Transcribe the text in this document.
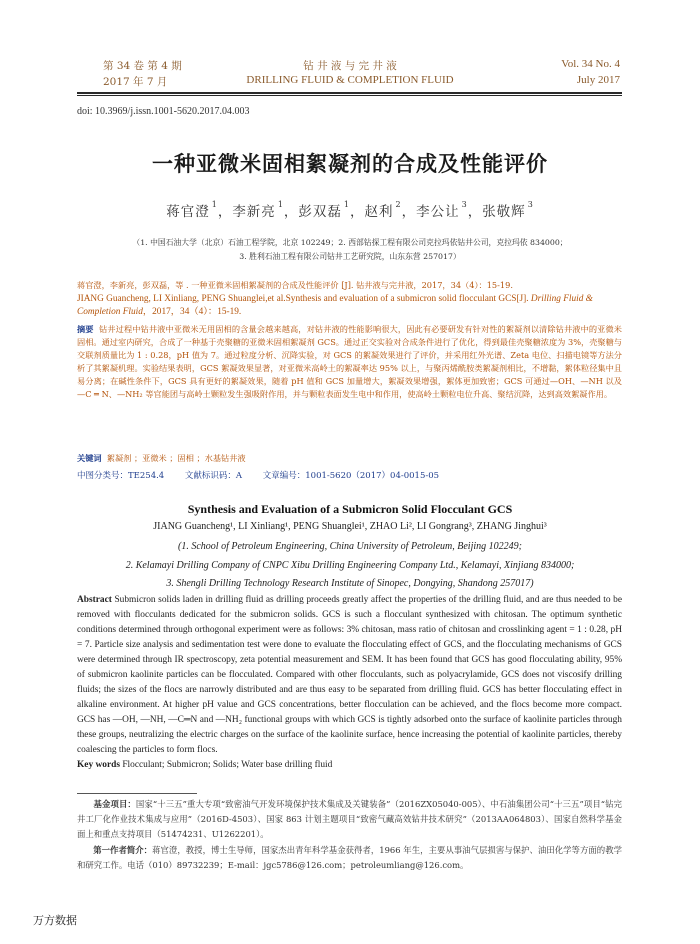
第 34 卷 第 4 期
2017 年 7 月
钻 井 液 与 完 井 液
DRILLING FLUID & COMPLETION FLUID
Vol. 34 No. 4
July 2017
doi: 10.3969/j.issn.1001-5620.2017.04.003
一种亚微米固相絮凝剂的合成及性能评价
蒋官澄 $^1$，李新亮 $^1$，彭双磊 $^1$，赵利 $^2$，李公让 $^3$，张敬辉 $^3$
（1. 中国石油大学（北京）石油工程学院，北京 102249；2. 西部钻探工程有限公司克拉玛依钻井公司，克拉玛依 834000；
3. 胜利石油工程有限公司钻井工艺研究院，山东东营 257017）
蒋官澄，李新亮，彭双磊，等 . 一种亚微米固相絮凝剂的合成及性能评价 [J]. 钻井液与完井液，2017，34（4）：15-19.
JIANG Guancheng, LI Xinliang, PENG Shuanglei,et al.Synthesis and evaluation of a submicron solid flocculant GCS[J]. Drilling Fluid & Completion Fluid，2017，34（4）：15-19.
摘要 钻井过程中钻井液中亚微米无用固相的含量会越来越高，对钻井液的性能影响很大，因此有必要研发有针对性的絮凝剂以清除钻井液中的亚微米固相。通过室内研究，合成了一种基于壳聚糖的亚微米固相絮凝剂 GCS。通过正交实验对合成条件进行了优化，得到最佳壳聚糖浓度为 3%，壳聚糖与交联剂质量比为 1 : 0.28，pH 值为 7。通过粒度分析、沉降实验，对 GCS 的絮凝效果进行了评价，并采用红外光谱、Zeta 电位、扫描电镜等方法分析了其絮凝机理。实验结果表明，GCS 絮凝效果显著，对亚微米高岭土的絮凝率达 95% 以上，与聚丙烯酰胺类絮凝剂相比，不增黏，絮体粒径集中且易分离；在碱性条件下，GCS 具有更好的絮凝效果，随着 pH 值和 GCS 加量增大，絮凝效果增强，絮体更加致密；GCS 可通过—OH、—NH 以及—C ═ N、—NH₂ 等官能团与高岭土颗粒发生强吸附作用，并与颗粒表面发生电中和作用，使高岭土颗粒电位升高、聚结沉降，达到高效絮凝作用。
关键词 絮凝剂 ；亚微米 ；固相 ；水基钻井液
中图分类号：TE254.4 文献标识码：A 文章编号：1001-5620（2017）04-0015-05
Synthesis and Evaluation of a Submicron Solid Flocculant GCS
JIANG Guancheng¹, LI Xinliang¹, PENG Shuanglei¹, ZHAO Li², LI Gongrang³, ZHANG Jinghui³
(1. School of Petroleum Engineering, China University of Petroleum, Beijing 102249;
2. Kelamayi Drilling Company of CNPC Xibu Drilling Engineering Company Ltd., Kelamayi, Xinjiang 834000;
3. Shengli Drilling Technology Research Institute of Sinopec, Dongying, Shandong 257017)
Abstract Submicron solids laden in drilling fluid as drilling proceeds greatly affect the properties of the drilling fluid, and are thus needed to be removed with flocculants dedicated for the submicron solids. GCS is such a flocculant synthesized with chitosan. The optimum synthetic conditions determined through orthogonal experiment were as follows: 3% chitosan, mass ratio of chitosan and crosslinking agent = 1 : 0.28, pH = 7. Particle size analysis and sedimentation test were done to evaluate the flocculating effect of GCS, and the flocculating mechanisms of GCS were determined through IR spectroscopy, zeta potential measurement and SEM. It has been found that GCS has good flocculating ability, 95% of submicron kaolinite particles can be flocculated. Compared with other flocculants, such as polyacrylamide, GCS does not viscosify drilling fluids; the sizes of the flocs are narrowly distributed and are thus easy to be separated from drilling fluid. GCS has better flocculating effect in alkaline environment. At higher pH value and GCS concentrations, better flocculation can be achieved, and the flocs become more compact. GCS has —OH, —NH, —C═N and —NH₂ functional groups with which GCS is tightly adsorbed onto the surface of kaolinite particles through these groups, neutralizing the electric charges on the surface of the kaolinite surface, hence increasing the potential of kaolinite particles, thereby coalescing the particles to form flocs.
Key words Flocculant; Submicron; Solids; Water base drilling fluid
基金项目：国家“十三五”重大专项“致密油气开发环境保护技术集成及关键装备”（2016ZX05040-005）、中石油集团公司“十三五”项目“钻完井工厂化作业技术集成与应用”（2016D-4503）、国家 863 计划主题项目“致密气藏高效钻井技术研究”（2013AA064803）、国家自然科学基金面上和重点支持项目（51474231、U1262201）。
第一作者简介：蒋官澄，教授，博士生导师，国家杰出青年科学基金获得者，1966 年生，主要从事油气层损害与保护、油田化学等方面的教学和研究工作。电话（010）89732239；E-mail：jgc5786@126.com；petroleumliang@126.com。
万方数据
